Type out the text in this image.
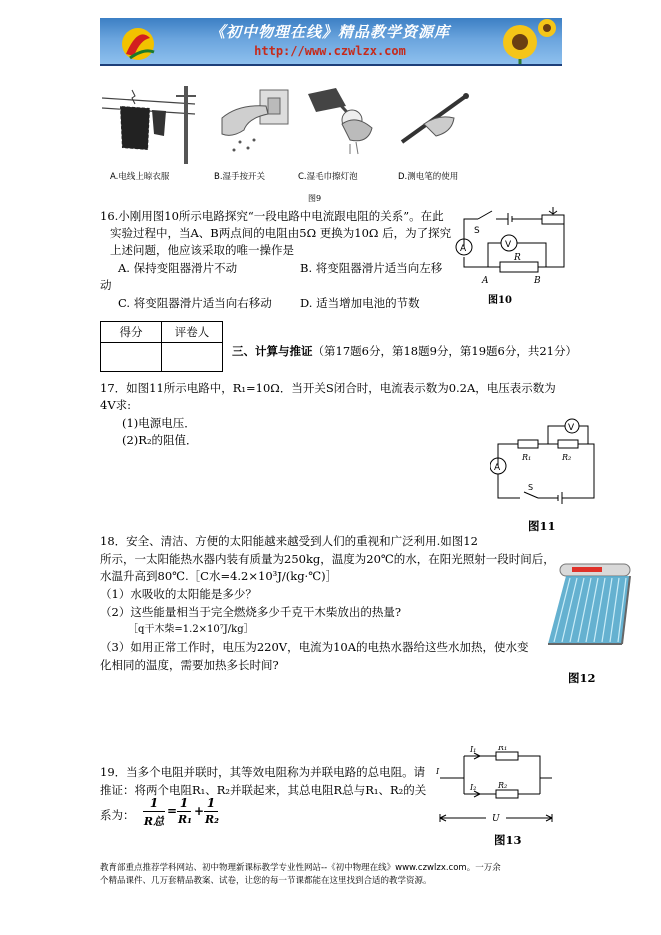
《初中物理在线》精品教学资源库
http://www.czwlzx.com
A.电线上晾衣服	B.湿手按开关	C.湿毛巾擦灯泡	D.测电笔的使用
图9
16.小刚用图10所示电路探究“一段电路中电流跟电阻的关系”。在此
实验过程中，当A、B两点间的电阻由5Ω 更换为10Ω 后，为了探究
上述问题，他应该采取的唯一操作是
A. 保持变阻器滑片不动	B. 将变阻器滑片适当向左移
动
C. 将变阻器滑片适当向右移动 D. 适当增加电池的节数
A	V
S
R
A	B
图10
得分	评卷人

三、计算与推证（第17题6分，第18题9分，第19题6分，共21分）
17．如图11所示电路中，R₁=10Ω．当开关S闭合时，电流表示数为0.2A，电压表示数为
4V求:
(1)电源电压．
(2)R₂的阻值．
A
V
R₁	R₂
S
图11
18．安全、清洁、方便的太阳能越来越受到人们的重视和广泛利用.如图12
所示，一太阳能热水器内装有质量为250kg，温度为20℃的水，在阳光照射一段时间后，
水温升高到80℃.［C水=4.2×10³J/(kg·℃)］
（1）水吸收的太阳能是多少？
（2）这些能量相当于完全燃烧多少千克干木柴放出的热量?
［q干木柴=1.2×10⁷J/kg］
（3）如用正常工作时，电压为220V，电流为10A的电热水器给这些水加热，使水变
化相同的温度，需要加热多长时间?
图12
19．当多个电阻并联时，其等效电阻称为并联电路的总电阻。请
推证：将两个电阻R₁、R₂并联起来，其总电阻R总与R₁、R₂的关
系为：
1
R总
=
1
R₁
+
1
R₂
I
I₁
I₂
R₁
R₂
U
图13
教育部重点推荐学科网站、初中物理新课标教学专业性网站--《初中物理在线》www.czwlzx.com。一万余
个精品课件、几万套精品教案、试卷，让您的每一节课都能在这里找到合适的教学资源。
